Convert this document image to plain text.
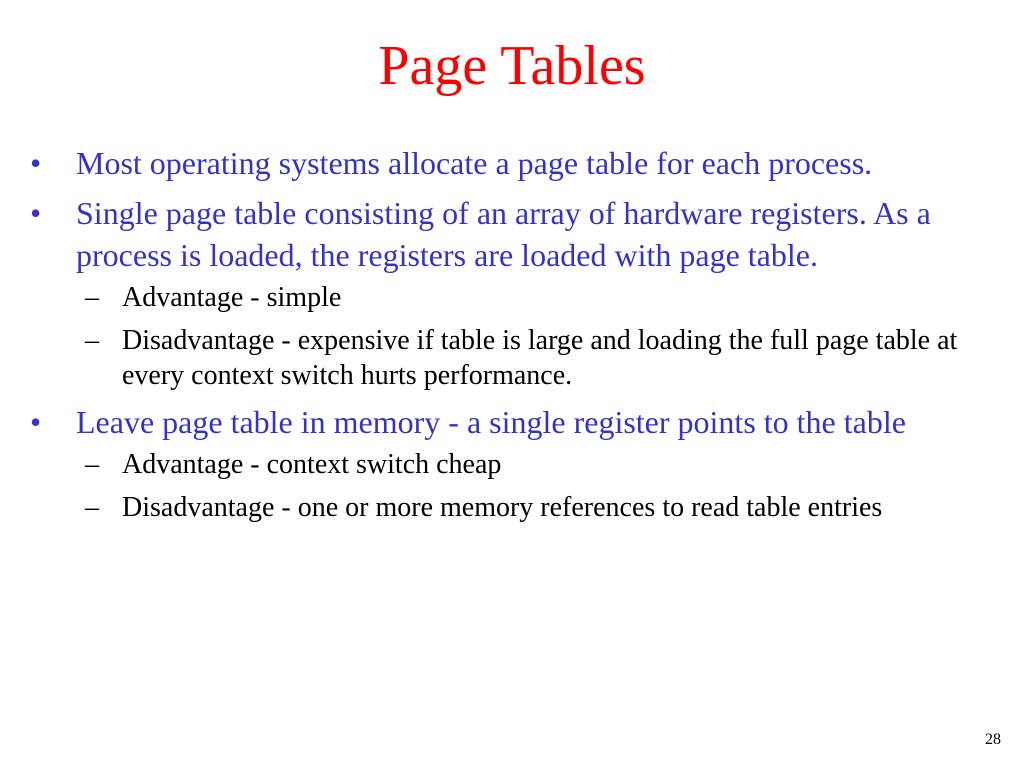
Page Tables
•	Most operating systems allocate a page table for each process.
•	Single page table consisting of an array of hardware registers. As a process is loaded, the registers are loaded with page table.
– Advantage - simple
– Disadvantage - expensive if table is large and loading the full page table at every context switch hurts performance.
•	Leave page table in memory - a single register points to the table
– Advantage - context switch cheap
– Disadvantage - one or more memory references to read table entries
28
